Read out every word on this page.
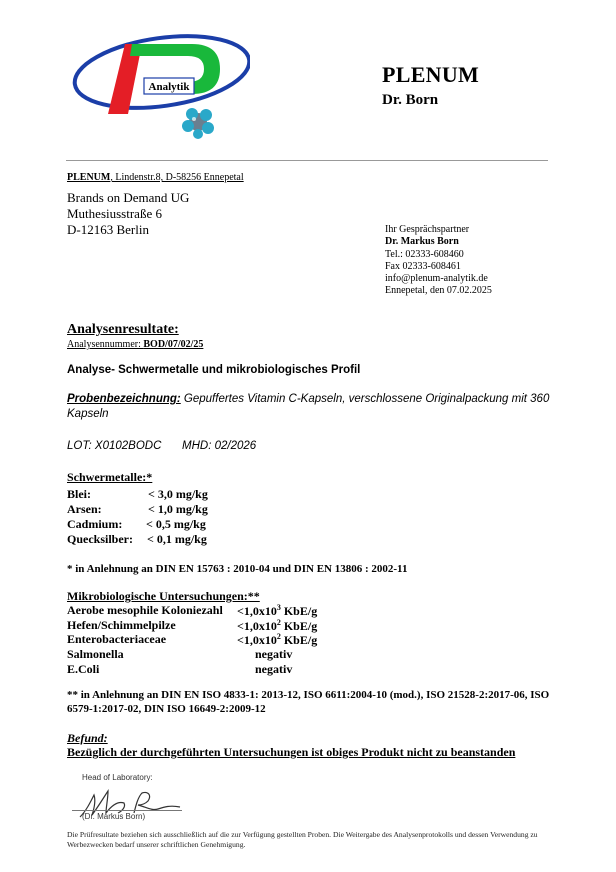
Analytik	PLENUM
Dr. Born
PLENUM, Lindenstr.8, D-58256 Ennepetal
Brands on Demand UG
Muthesiusstraße 6
D-12163 Berlin	Ihr Gesprächspartner
Dr. Markus Born
Tel.: 02333-608460
Fax 02333-608461
info@plenum-analytik.de
Ennepetal, den 07.02.2025
Analysenresultate:
Analysennummer: BOD/07/02/25
Analyse- Schwermetalle und mikrobiologisches Profil
Probenbezeichnung: Gepuffertes Vitamin C-Kapseln, verschlossene Originalpackung mit 360 Kapseln
LOT: X0102BODC MHD: 02/2026
Schwermetalle:*
Blei:	< 3,0 mg/kg
Arsen:	< 1,0 mg/kg
Cadmium: < 0,5 mg/kg
Quecksilber: < 0,1 mg/kg
* in Anlehnung an DIN EN 15763 : 2010-04 und DIN EN 13806 : 2002-11
Mikrobiologische Untersuchungen:**
Aerobe mesophile Koloniezahl $<1,0x10^3$ KbE/g
Hefen/Schimmelpilze	$<1,0x10^2$ KbE/g
Enterobacteriaceae	$<1,0x10^2$ KbE/g
Salmonella	negativ
E.Coli	negativ
** in Anlehnung an DIN EN ISO 4833-1: 2013-12, ISO 6611:2004-10 (mod.), ISO 21528-2:2017-06, ISO 6579-1:2017-02, DIN ISO 16649-2:2009-12
Befund:
Bezüglich der durchgeführten Untersuchungen ist obiges Produkt nicht zu beanstanden
Head of Laboratory:
(Dr. Markus Born)
Die Prüfresultate beziehen sich ausschließlich auf die zur Verfügung gestellten Proben. Die Weitergabe des Analysenprotokolls und dessen Verwendung zu Werbezwecken bedarf unserer schriftlichen Genehmigung.
